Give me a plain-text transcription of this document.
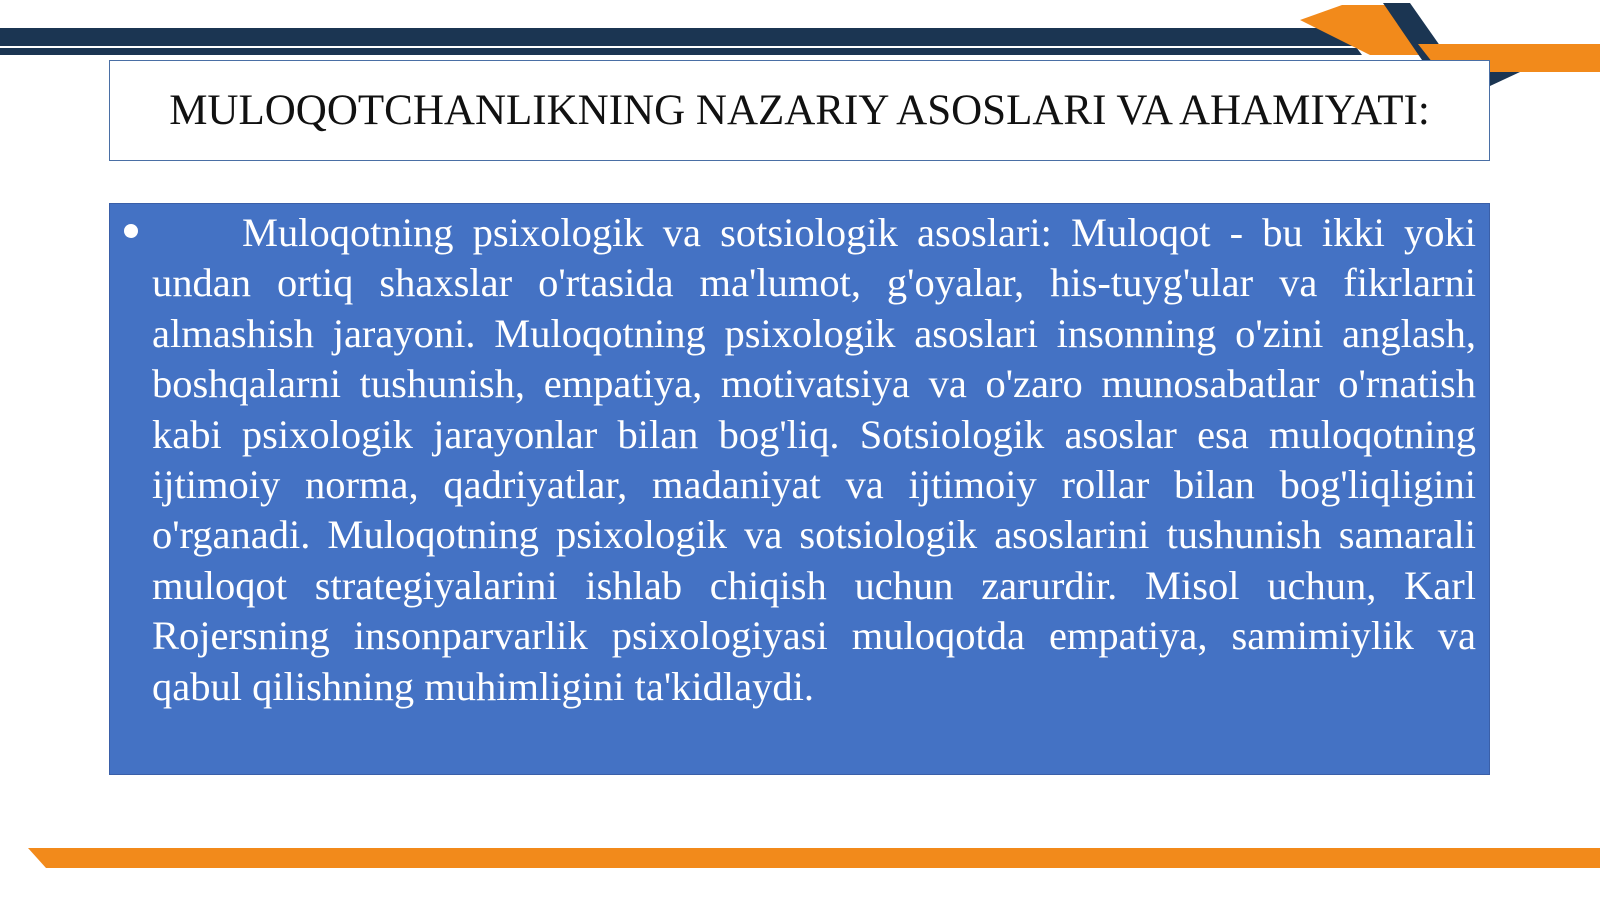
MULOQOTCHANLIKNING NAZARIY ASOSLARI VA AHAMIYATI:

Muloqotning psixologik va sotsiologik asoslari: Muloqot - bu ikki yoki undan ortiq shaxslar o'rtasida ma'lumot, g'oyalar, his-tuyg'ular va fikrlarni almashish jarayoni. Muloqotning psixologik asoslari insonning o'zini anglash, boshqalarni tushunish, empatiya, motivatsiya va o'zaro munosabatlar o'rnatish kabi psixologik jarayonlar bilan bog'liq. Sotsiologik asoslar esa muloqotning ijtimoiy norma, qadriyatlar, madaniyat va ijtimoiy rollar bilan bog'liqligini o'rganadi. Muloqotning psixologik va sotsiologik asoslarini tushunish samarali muloqot strategiyalarini ishlab chiqish uchun zarurdir. Misol uchun, Karl Rojersning insonparvarlik psixologiyasi muloqotda empatiya, samimiylik va qabul qilishning muhimligini ta'kidlaydi.
